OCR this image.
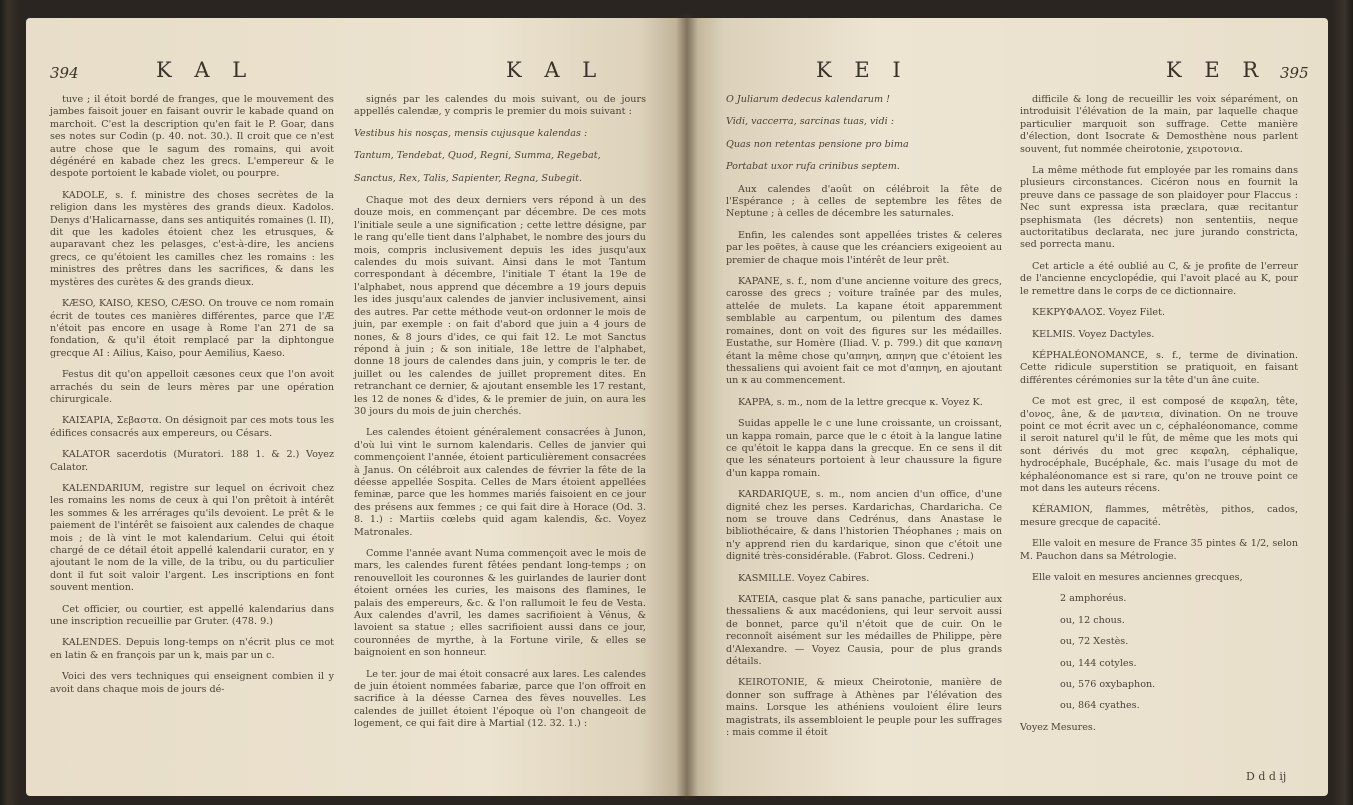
394	K A L	K A L

tuve ; il étoit bordé de franges, que le mouvement des jambes faisoit jouer en faisant ouvrir le kabade quand on marchoit. C'est la description qu'en fait le P. Goar, dans ses notes sur Codin (p. 40. not. 30.). Il croit que ce n'est autre chose que le sagum des romains, qui avoit dégénéré en kabade chez les grecs. L'empereur & le despote portoient le kabade violet, ou pourpre.

KADOLE, s. f. ministre des choses secrètes de la religion dans les mystères des grands dieux. Kadolos. Denys d'Halicarnasse, dans ses antiquités romaines (l. II), dit que les kadoles étoient chez les etrusques, & auparavant chez les pelasges, c'est-à-dire, les anciens grecs, ce qu'étoient les camilles chez les romains : les ministres des prêtres dans les sacrifices, & dans les mystères des curètes & des grands dieux.

KÆSO, KAISO, KESO, CÆSO. On trouve ce nom romain écrit de toutes ces manières différentes, parce que l'Æ n'étoit pas encore en usage à Rome l'an 271 de sa fondation, & qu'il étoit remplacé par la diphtongue grecque AI : Ailius, Kaiso, pour Aemilius, Kaeso.

Festus dit qu'on appelloit cæsones ceux que l'on avoit arrachés du sein de leurs mères par une opération chirurgicale.

KAIΣAPIA, Σεβαστα. On désignoit par ces mots tous les édifices consacrés aux empereurs, ou Césars.

KALATOR sacerdotis (Muratori. 188 1. & 2.) Voyez Calator.

KALENDARIUM, registre sur lequel on écrivoit chez les romains les noms de ceux à qui l'on prêtoit à intérêt les sommes & les arrérages qu'ils devoient. Le prêt & le paiement de l'intérêt se faisoient aux calendes de chaque mois ; de là vint le mot kalendarium. Celui qui étoit chargé de ce détail étoit appellé kalendarii curator, en y ajoutant le nom de la ville, de la tribu, ou du particulier dont il fut soit valoir l'argent. Les inscriptions en font souvent mention.

Cet officier, ou courtier, est appellé kalendarius dans une inscription recueillie par Gruter. (478. 9.)

KALENDES. Depuis long-temps on n'écrit plus ce mot en latin & en françois par un k, mais par un c.

Voici des vers techniques qui enseignent combien il y avoit dans chaque mois de jours dé-

signés par les calendes du mois suivant, ou de jours appellés calendæ, y compris le premier du mois suivant :

Vestibus his nosças, mensis cujusque kalendas :

Tantum, Tendebat, Quod, Regni, Summa, Regebat,

Sanctus, Rex, Talis, Sapienter, Regna, Subegit.

Chaque mot des deux derniers vers répond à un des douze mois, en commençant par décembre. De ces mots l'initiale seule a une signification ; cette lettre désigne, par le rang qu'elle tient dans l'alphabet, le nombre des jours du mois, compris inclusivement depuis les ides jusqu'aux calendes du mois suivant. Ainsi dans le mot Tantum correspondant à décembre, l'initiale T étant la 19e de l'alphabet, nous apprend que décembre a 19 jours depuis les ides jusqu'aux calendes de janvier inclusivement, ainsi des autres. Par cette méthode veut-on ordonner le mois de juin, par exemple : on fait d'abord que juin a 4 jours de nones, & 8 jours d'ides, ce qui fait 12. Le mot Sanctus répond à juin ; & son initiale, 18e lettre de l'alphabet, donne 18 jours de calendes dans juin, y compris le ter. de juillet ou les calendes de juillet proprement dites. En retranchant ce dernier, & ajoutant ensemble les 17 restant, les 12 de nones & d'ides, & le premier de juin, on aura les 30 jours du mois de juin cherchés.

Les calendes étoient généralement consacrées à Junon, d'où lui vint le surnom kalendaris. Celles de janvier qui commençoient l'année, étoient particulièrement consacrées à Janus. On célébroit aux calendes de février la fête de la déesse appellée Sospita. Celles de Mars étoient appellées feminæ, parce que les hommes mariés faisoient en ce jour des présens aux femmes ; ce qui fait dire à Horace (Od. 3. 8. 1.) : Martiis cœlebs quid agam kalendis, &c. Voyez Matronales.

Comme l'année avant Numa commençoit avec le mois de mars, les calendes furent fêtées pendant long-temps ; on renouvelloit les couronnes & les guirlandes de laurier dont étoient ornées les curies, les maisons des flamines, le palais des empereurs, &c. & l'on rallumoit le feu de Vesta. Aux calendes d'avril, les dames sacrifioient à Vénus, & lavoient sa statue ; elles sacrifioient aussi dans ce jour, couronnées de myrthe, à la Fortune virile, & elles se baignoient en son honneur.

Le ter. jour de mai étoit consacré aux lares. Les calendes de juin étoient nommées fabariæ, parce que l'on offroit en sacrifice à la déesse Carnea des fèves nouvelles. Les calendes de juillet étoient l'époque où l'on changeoit de logement, ce qui fait dire à Martial (12. 32. 1.) :

K E I	K E R 395

O Juliarum dedecus kalendarum !

Vidi, vaccerra, sarcinas tuas, vidi :

Quas non retentas pensione pro bima

Portabat uxor rufa crinibus septem.

Aux calendes d'août on célébroit la fête de l'Espérance ; à celles de septembre les fêtes de Neptune ; à celles de décembre les saturnales.

Enfin, les calendes sont appellées tristes & celeres par les poëtes, à cause que les créanciers exigeoient au premier de chaque mois l'intérêt de leur prêt.

KAPANE, s. f., nom d'une ancienne voiture des grecs, carosse des grecs ; voiture traînée par des mules, attelée de mulets. La kapane étoit apparemment semblable au carpentum, ou pilentum des dames romaines, dont on voit des figures sur les médailles. Eustathe, sur Homère (Iliad. V. p. 799.) dit que καπανη étant la même chose qu'απηνη, απηνη que c'étoient les thessaliens qui avoient fait ce mot d'απηνη, en ajoutant un κ au commencement.

KAPPA, s. m., nom de la lettre grecque κ. Voyez K.

Suidas appelle le c une lune croissante, un croissant, un kappa romain, parce que le c étoit à la langue latine ce qu'étoit le kappa dans la grecque. En ce sens il dit que les sénateurs portoient à leur chaussure la figure d'un kappa romain.

KARDARIQUE, s. m., nom ancien d'un office, d'une dignité chez les perses. Kardarichas, Chardaricha. Ce nom se trouve dans Cedrénus, dans Anastase le bibliothécaire, & dans l'historien Théophanes ; mais on n'y apprend rien du kardarique, sinon que c'étoit une dignité très-considérable. (Fabrot. Gloss. Cedreni.)

KASMILLE. Voyez Cabires.

KATEIA, casque plat & sans panache, particulier aux thessaliens & aux macédoniens, qui leur servoit aussi de bonnet, parce qu'il n'étoit que de cuir. On le reconnoît aisément sur les médailles de Philippe, père d'Alexandre. — Voyez Causia, pour de plus grands détails.

KEIROTONIE, & mieux Cheirotonie, manière de donner son suffrage à Athènes par l'élévation des mains. Lorsque les athéniens vouloient élire leurs magistrats, ils assembloient le peuple pour les suffrages : mais comme il étoit

difficile & long de recueillir les voix séparément, on introduisit l'élévation de la main, par laquelle chaque particulier marquoit son suffrage. Cette manière d'élection, dont Isocrate & Demosthène nous parlent souvent, fut nommée cheirotonie, χειροτονια.

La même méthode fut employée par les romains dans plusieurs circonstances. Cicéron nous en fournit la preuve dans ce passage de son plaidoyer pour Flaccus : Nec sunt expressa ista præclara, quæ recitantur psephismata (les décrets) non sententiis, neque auctoritatibus declarata, nec jure jurando constricta, sed porrecta manu.

Cet article a été oublié au C, & je profite de l'erreur de l'ancienne encyclopédie, qui l'avoit placé au K, pour le remettre dans le corps de ce dictionnaire.

ΚΕΚΡΥΦΑΛΟΣ. Voyez Filet.

KELMIS. Voyez Dactyles.

KÉPHALÉONOMANCE, s. f., terme de divination. Cette ridicule superstition se pratiquoit, en faisant différentes cérémonies sur la tête d'un âne cuite.

Ce mot est grec, il est composé de κεφαλη, tête, d'ονος, âne, & de μαντεια, divination. On ne trouve point ce mot écrit avec un c, céphaléonomance, comme il seroit naturel qu'il le fût, de même que les mots qui sont dérivés du mot grec κεφαλη, céphalique, hydrocéphale, Bucéphale, &c. mais l'usage du mot de képhaléonomance est si rare, qu'on ne trouve point ce mot dans les auteurs récens.

KÉRAMION, flammes, mêtrêtès, pithos, cados, mesure grecque de capacité.

Elle valoit en mesure de France 35 pintes & 1/2, selon M. Pauchon dans sa Métrologie.

Elle valoit en mesures anciennes grecques,

2 amphoréus.

ou, 12 chous.

ou, 72 Xestès.

ou, 144 cotyles.

ou, 576 oxybaphon.

ou, 864 cyathes.

Voyez Mesures.

D d d ij
